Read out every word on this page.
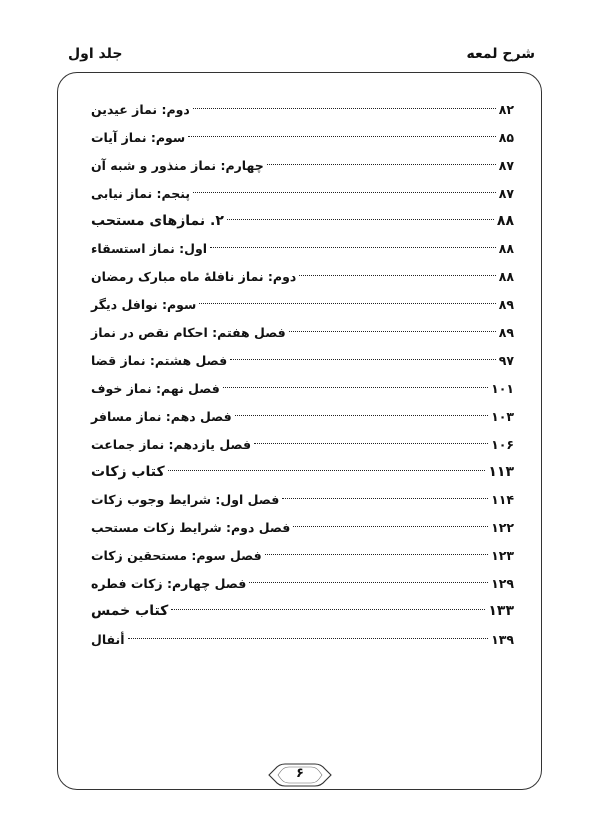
شرح لمعه
جلد اول
دوم: نماز عیدین	۸۲
سوم: نماز آیات	۸۵
چهارم: نماز منذور و شبه آن	۸۷
پنجم: نماز نیابی	۸۷
۲. نمازهای مستحب	۸۸
اول: نماز استسقاء	۸۸
دوم: نماز نافلهٔ ماه مبارک رمضان	۸۸
سوم: نوافل دیگر	۸۹
فصل هفتم: احکام نقص در نماز	۸۹
فصل هشتم: نماز قضا	۹۷
فصل نهم: نماز خوف	۱۰۱
فصل دهم: نماز مسافر	۱۰۳
فصل یازدهم: نماز جماعت	۱۰۶
کتاب زکات	۱۱۳
فصل اول: شرایط وجوب زکات	۱۱۴
فصل دوم: شرایط زکات مستحب	۱۲۲
فصل سوم: مستحقین زکات	۱۲۳
فصل چهارم: زکات فطره	۱۲۹
کتاب خمس	۱۳۳
أنفال	۱۳۹
۶
